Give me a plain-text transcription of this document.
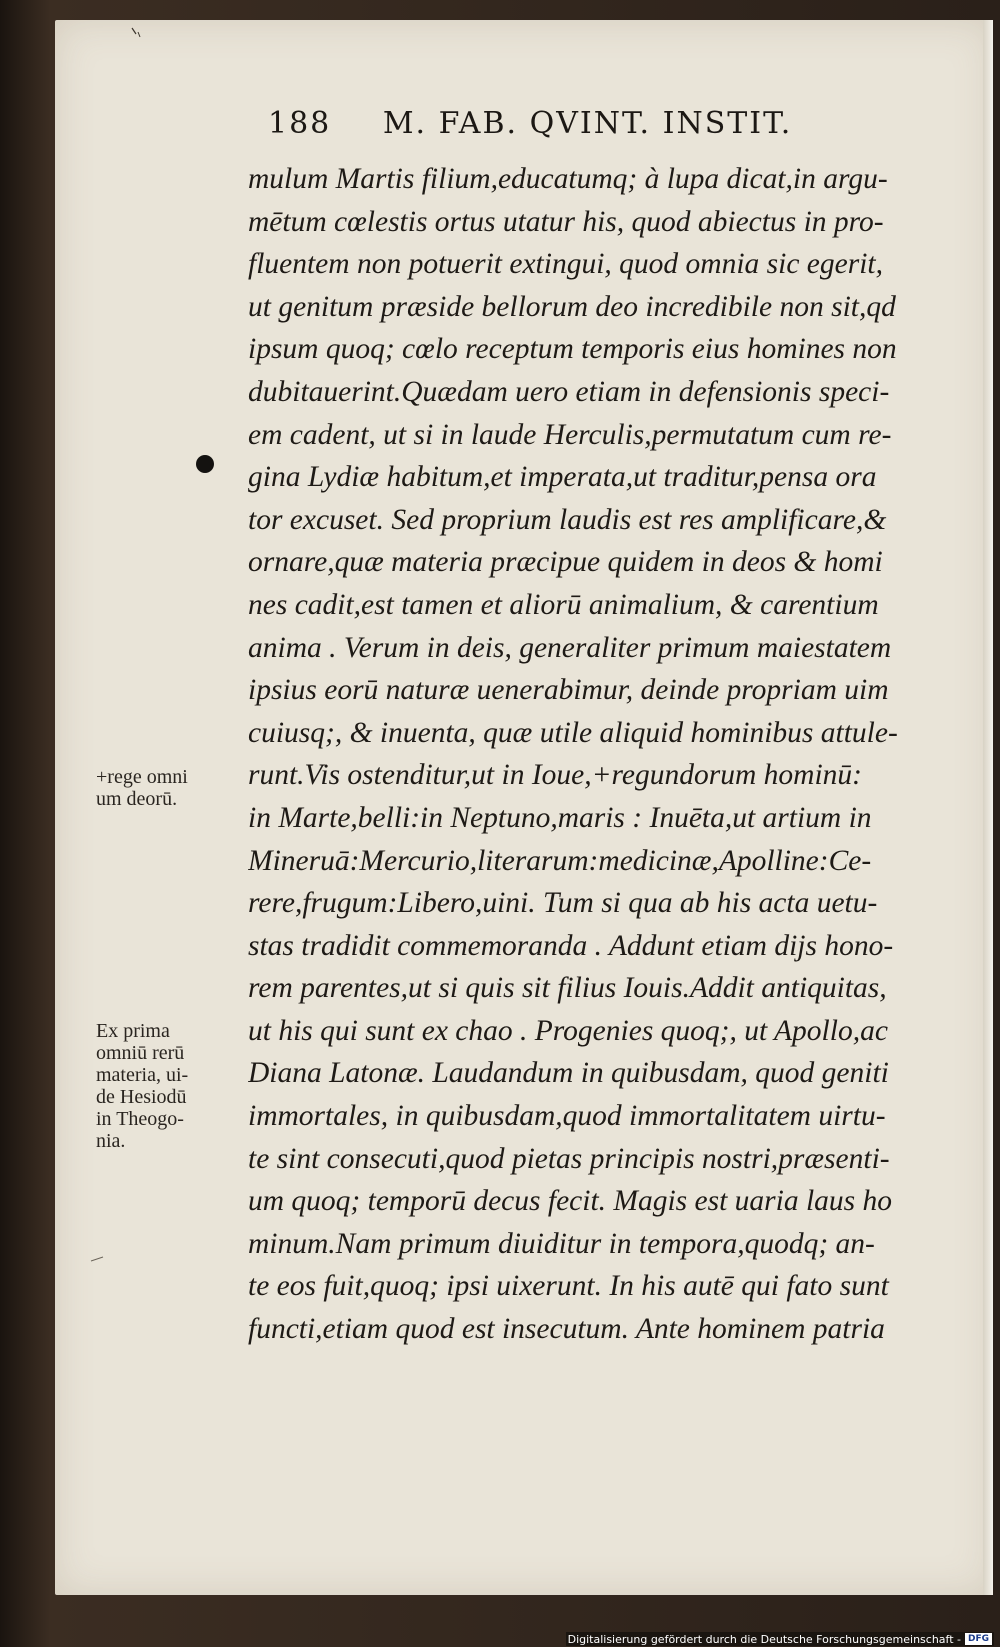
188 M. FAB. QVINT. INSTIT.
mulum Martis filium,educatumq; à lupa dicat,in argu-
mētum cœlestis ortus utatur his, quod abiectus in pro-
fluentem non potuerit extingui, quod omnia sic egerit,
ut genitum præside bellorum deo incredibile non sit,qd
ipsum quoq; cœlo receptum temporis eius homines non
dubitauerint.Quædam uero etiam in defensionis speci-
em cadent, ut si in laude Herculis,permutatum cum re-
gina Lydiæ habitum,et imperata,ut traditur,pensa ora
tor excuset. Sed proprium laudis est res amplificare,&
ornare,quæ materia præcipue quidem in deos & homi
nes cadit,est tamen et aliorū animalium, & carentium
anima . Verum in deis, generaliter primum maiestatem
ipsius eorū naturæ uenerabimur, deinde propriam uim
cuiusq;, & inuenta, quæ utile aliquid hominibus attule-
runt.Vis ostenditur,ut in Ioue,+regundorum hominū:
in Marte,belli:in Neptuno,maris : Inuēta,ut artium in
Mineruā:Mercurio,literarum:medicinæ,Apolline:Ce-
rere,frugum:Libero,uini. Tum si qua ab his acta uetu-
stas tradidit commemoranda . Addunt etiam dijs hono-
rem parentes,ut si quis sit filius Iouis.Addit antiquitas,
ut his qui sunt ex chao . Progenies quoq;, ut Apollo,ac
Diana Latonæ. Laudandum in quibusdam, quod geniti
immortales, in quibusdam,quod immortalitatem uirtu-
te sint consecuti,quod pietas principis nostri,præsenti-
um quoq; temporū decus fecit. Magis est uaria laus ho
minum.Nam primum diuiditur in tempora,quodq; an-
te eos fuit,quoq; ipsi uixerunt. In his autē qui fato sunt
functi,etiam quod est insecutum. Ante hominem patria
+rege omni
um deorū.
Ex prima
omniū rerū
materia, ui-
de Hesiodū
in Theogo-
nia.
Digitalisierung gefördert durch die Deutsche Forschungsgemeinschaft - DFG
